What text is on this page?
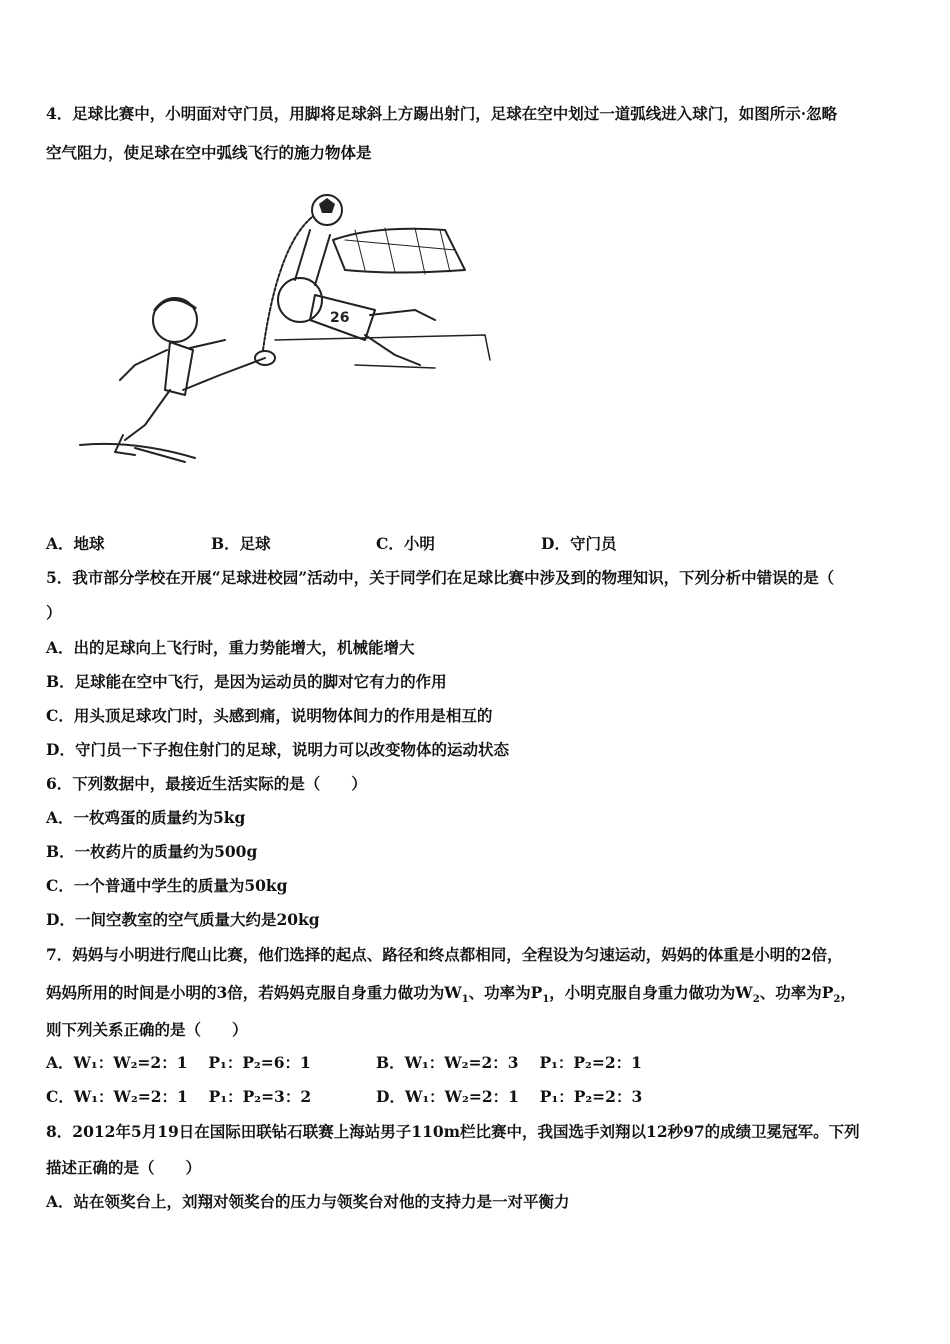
4．足球比赛中，小明面对守门员，用脚将足球斜上方踢出射门，足球在空中划过一道弧线进入球门，如图所示·忽略
空气阻力，使足球在空中弧线飞行的施力物体是
26
A．地球	B．足球	C．小明	D．守门员
5．我市部分学校在开展“足球进校园”活动中，关于同学们在足球比赛中涉及到的物理知识，下列分析中错误的是（
）
A．出的足球向上飞行时，重力势能增大，机械能增大
B．足球能在空中飞行，是因为运动员的脚对它有力的作用
C．用头顶足球攻门时，头感到痛，说明物体间力的作用是相互的
D．守门员一下子抱住射门的足球，说明力可以改变物体的运动状态
6．下列数据中，最接近生活实际的是（　　）
A．一枚鸡蛋的质量约为5kg
B．一枚药片的质量约为500g
C．一个普通中学生的质量为50kg
D．一间空教室的空气质量大约是20kg
7．妈妈与小明进行爬山比赛，他们选择的起点、路径和终点都相同，全程设为匀速运动，妈妈的体重是小明的2倍，
妈妈所用的时间是小明的3倍，若妈妈克服自身重力做功为$W_1$、功率为$P_1$，小明克服自身重力做功为$W_2$、功率为$P_2$，
则下列关系正确的是（　　）
A．W₁：W₂=2：1　 P₁：P₂=6：1	B．W₁：W₂=2：3　 P₁：P₂=2：1
C．W₁：W₂=2：1　 P₁：P₂=3：2	D．W₁：W₂=2：1　 P₁：P₂=2：3
8．2012年5月19日在国际田联钻石联赛上海站男子110m栏比赛中，我国选手刘翔以12秒97的成绩卫冕冠军。下列
描述正确的是（　　）
A．站在领奖台上，刘翔对领奖台的压力与领奖台对他的支持力是一对平衡力
